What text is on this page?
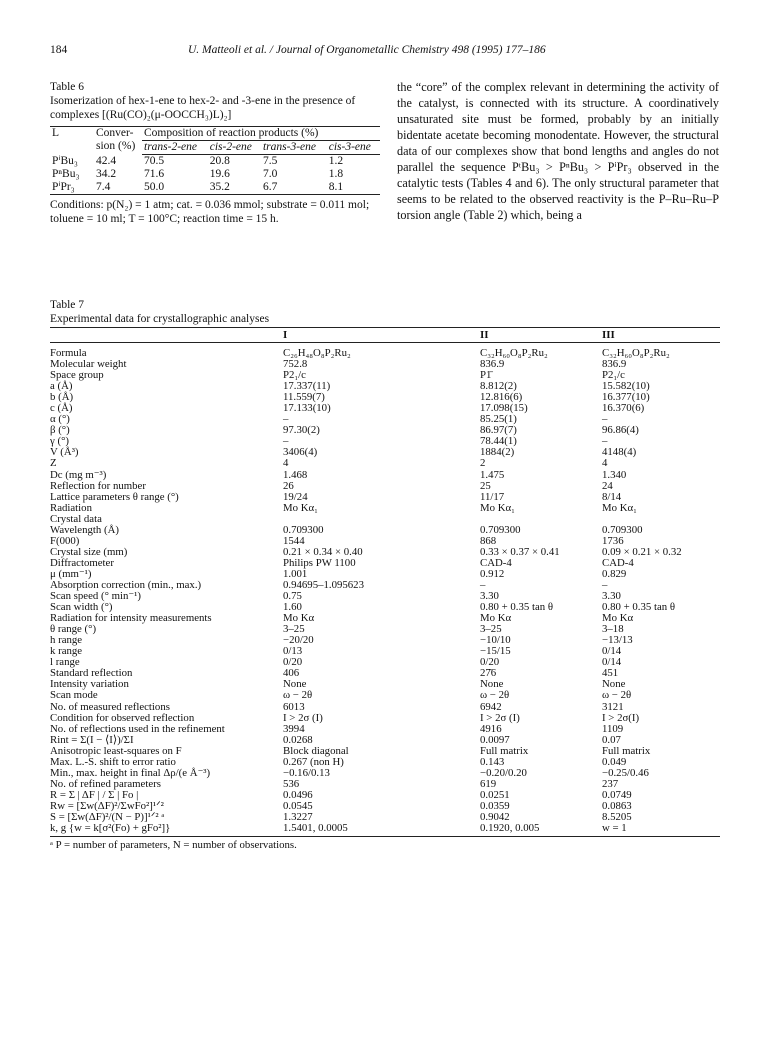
184	U. Matteoli et al. / Journal of Organometallic Chemistry 498 (1995) 177–186
Table 6
Isomerization of hex-1-ene to hex-2- and -3-ene in the presence of
complexes [(Ru(CO)₂(μ-OOCCH₃)L)₂]
L	Conver- sion (%)	Composition of reaction products (%)			
		trans-2-ene	cis-2-ene	trans-3-ene	cis-3-ene
PⁱBu₃	42.4	70.5	20.8	7.5	1.2
PⁿBu₃	34.2	71.6	19.6	7.0	1.8
PⁱPr₃	7.4	50.0	35.2	6.7	8.1
Conditions: p(N₂) = 1 atm; cat. = 0.036 mmol; substrate = 0.011 mol;
toluene = 10 ml; T = 100°C; reaction time = 15 h.
the “core” of the complex relevant in determining the activity of the catalyst, is connected with its structure. A coordinatively unsaturated site must be formed, probably by an initially bidentate acetate becoming monodentate. However, the structural data of our complexes show that bond lengths and angles do not parallel the sequence PᵗBu₃ > PⁿBu₃ > PⁱPr₃ observed in the catalytic tests (Tables 4 and 6). The only structural parameter that seems to be related to the observed reactivity is the P–Ru–Ru–P torsion angle (Table 2) which, being a
Table 7
Experimental data for crystallographic analyses
I	II	III
Formula	C₂₆H₄₈O₈P₂Ru₂	C₃₂H₆₀O₈P₂Ru₂	C₃₂H₆₀O₈P₂Ru₂
Molecular weight	752.8	836.9	836.9
Space group	P2₁/c	P1̄	P2₁/c
a (Å)	17.337(11)	8.812(2)	15.582(10)
b (Å)	11.559(7)	12.816(6)	16.377(10)
c (Å)	17.133(10)	17.098(15)	16.370(6)
α (°)	–	85.25(1)	–
β (°)	97.30(2)	86.97(7)	96.86(4)
γ (°)	–	78.44(1)	–
V (Å³)	3406(4)	1884(2)	4148(4)
Z	4	2	4
Dc (mg m⁻³)	1.468	1.475	1.340
Reflection for number	26	25	24
Lattice parameters θ range (°)	19/24	11/17	8/14
Radiation	Mo Kα₁	Mo Kα₁	Mo Kα₁
Crystal data
Wavelength (Å)	0.709300	0.709300	0.709300
F(000)	1544	868	1736
Crystal size (mm)	0.21 × 0.34 × 0.40	0.33 × 0.37 × 0.41	0.09 × 0.21 × 0.32
Diffractometer	Philips PW 1100	CAD-4	CAD-4
μ (mm⁻¹)	1.001	0.912	0.829
Absorption correction (min., max.)	0.94695–1.095623	–	–
Scan speed (° min⁻¹)	0.75	3.30	3.30
Scan width (°)	1.60	0.80 + 0.35 tan θ	0.80 + 0.35 tan θ
Radiation for intensity measurements	Mo Kα	Mo Kα	Mo Kα
θ range (°)	3–25	3–25	3–18
h range	−20/20	−10/10	−13/13
k range	0/13	−15/15	0/14
l range	0/20	0/20	0/14
Standard reflection	406	27̄6	451
Intensity variation	None	None	None
Scan mode	ω − 2θ	ω − 2θ	ω − 2θ
No. of measured reflections	6013	6942	3121
Condition for observed reflection	I > 2σ (I)	I > 2σ (I)	I > 2σ(I)
No. of reflections used in the refinement	3994	4916	1109
Rint = Σ(I − ⟨I⟩)/ΣI	0.0268	0.0097	0.07
Anisotropic least-squares on F	Block diagonal	Full matrix	Full matrix
Max. L.-S. shift to error ratio	0.267 (non H)	0.143	0.049
Min., max. height in final Δρ/(e Å⁻³)	−0.16/0.13	−0.20/0.20	−0.25/0.46
No. of refined parameters	536	619	237
R = Σ | ΔF | / Σ | Fo |	0.0496	0.0251	0.0749
Rw = [Σw(ΔF)²/ΣwFo²]¹ᐟ²	0.0545	0.0359	0.0863
S = [Σw(ΔF)²/(N − P)]¹ᐟ² ᵃ	1.3227	0.9042	8.5205
k, g {w = k[σ²(Fo) + gFo²]}	1.5401, 0.0005	0.1920, 0.005	w = 1
ᵃ P = number of parameters, N = number of observations.
